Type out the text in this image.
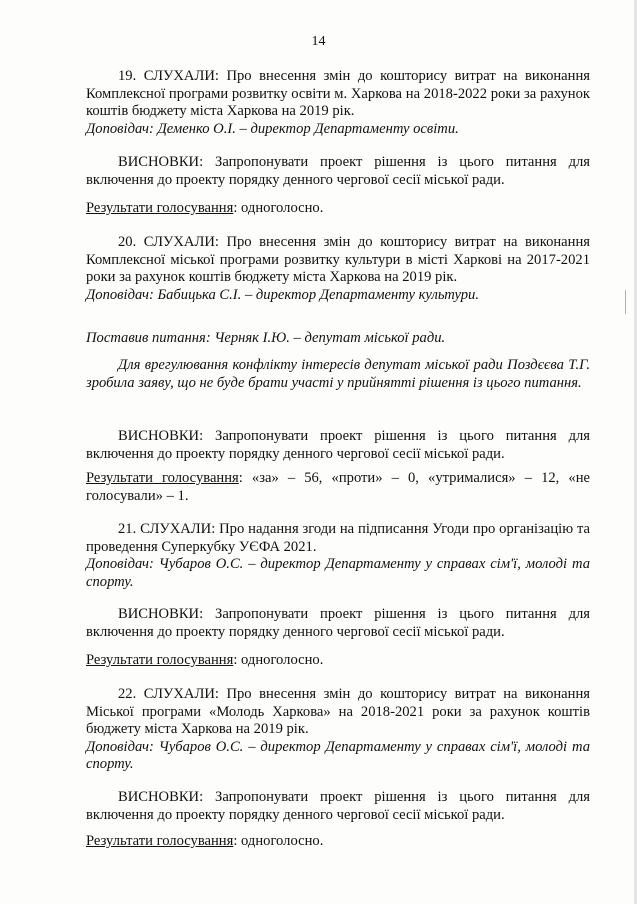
14

19. СЛУХАЛИ: Про внесення змін до кошторису витрат на виконання Комплексної програми розвитку освіти м. Харкова на 2018-2022 роки за рахунок коштів бюджету міста Харкова на 2019 рік.

Доповідач: Деменко О.І. – директор Департаменту освіти.

ВИСНОВКИ: Запропонувати проект рішення із цього питання для включення до проекту порядку денного чергової сесії міської ради.

Результати голосування: одноголосно.

20. СЛУХАЛИ: Про внесення змін до кошторису витрат на виконання Комплексної міської програми розвитку культури в місті Харкові на 2017-2021 роки за рахунок коштів бюджету міста Харкова на 2019 рік.

Доповідач: Бабицька С.І. – директор Департаменту культури.

Поставив питання: Черняк І.Ю. – депутат міської ради.

Для врегулювання конфлікту інтересів депутат міської ради Поздєєва Т.Г. зробила заяву, що не буде брати участі у прийнятті рішення із цього питання.

ВИСНОВКИ: Запропонувати проект рішення із цього питання для включення до проекту порядку денного чергової сесії міської ради.

Результати голосування: «за» – 56, «проти» – 0, «утрималися» – 12, «не голосували» – 1.

21. СЛУХАЛИ: Про надання згоди на підписання Угоди про організацію та проведення Суперкубку УЄФА 2021.

Доповідач: Чубаров О.С. – директор Департаменту у справах сім'ї, молоді та спорту.

ВИСНОВКИ: Запропонувати проект рішення із цього питання для включення до проекту порядку денного чергової сесії міської ради.

Результати голосування: одноголосно.

22. СЛУХАЛИ: Про внесення змін до кошторису витрат на виконання Міської програми «Молодь Харкова» на 2018-2021 роки за рахунок коштів бюджету міста Харкова на 2019 рік.

Доповідач: Чубаров О.С. – директор Департаменту у справах сім'ї, молоді та спорту.

ВИСНОВКИ: Запропонувати проект рішення із цього питання для включення до проекту порядку денного чергової сесії міської ради.

Результати голосування: одноголосно.
